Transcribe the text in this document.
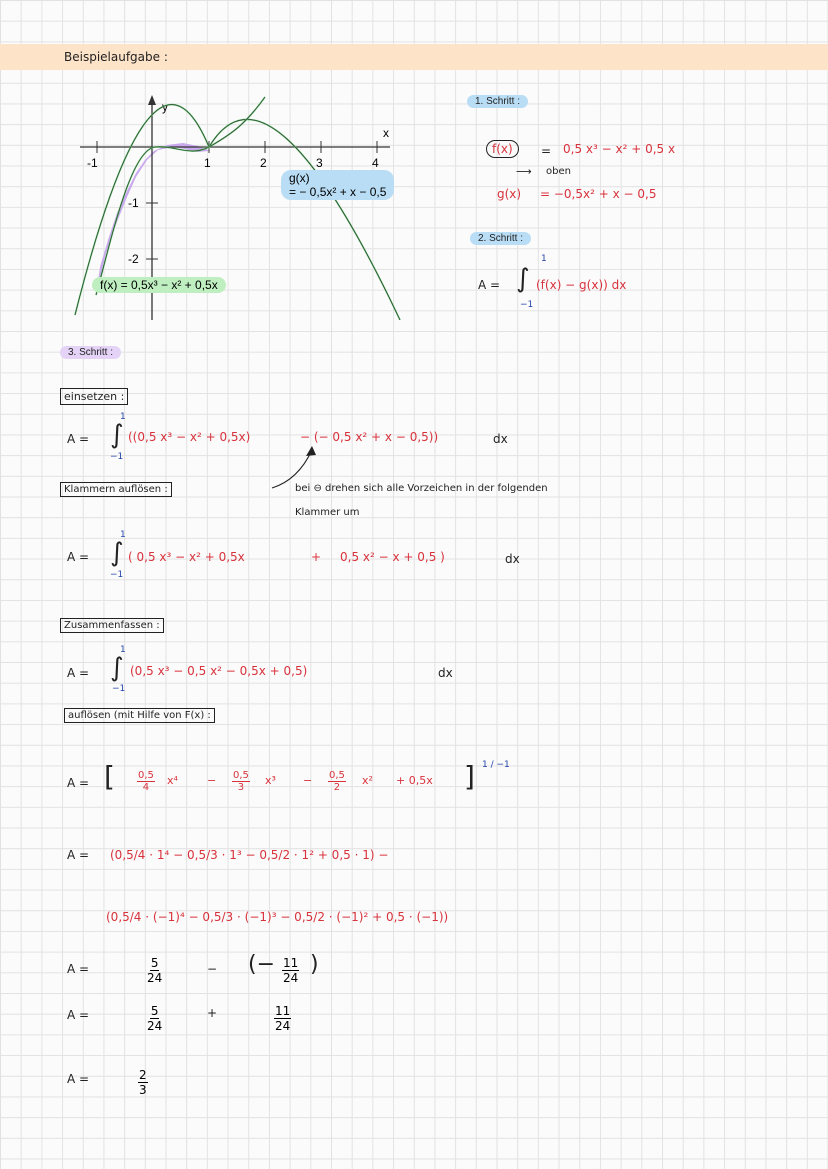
Beispielaufgabe :
y
x
-1	1	2	3	4
-1
-2
g(x)
= − 0,5x² + x − 0,5
f(x) = 0,5x³ − x² + 0,5x
1. Schritt :
f(x)	= 0,5 x³ − x² + 0,5 x
⟶ oben
g(x) = −0,5x² + x − 0,5
2. Schritt :
A =
1
∫
−1
(f(x) − g(x)) dx
3. Schritt :
einsetzen :
A =
1
∫
−1
((0,5 x³ − x² + 0,5x)	− (− 0,5 x² + x − 0,5))	dx
Klammern auflösen :	bei ⊖ drehen sich alle Vorzeichen in der folgenden
Klammer um
A =
1
∫
−1
( 0,5 x³ − x² + 0,5x	+ 0,5 x² − x + 0,5 )	dx
Zusammenfassen :
A =
1
∫
−1
(0,5 x³ − 0,5 x² − 0,5x + 0,5)	dx
auflösen (mit Hilfe von F(x) :
A = [ $\frac{0,5}{4} x^4$	− $\frac{0,5}{3} x^3 - \frac{0,5}{2} x^2 + 0,5x$ ] 1 / −1
A = (0,5/4 · 1⁴ − 0,5/3 · 1³ − 0,5/2 · 1² + 0,5 · 1) −
(0,5/4 · (−1)⁴ − 0,5/3 · (−1)³ − 0,5/2 · (−1)² + 0,5 · (−1))
A =	$\frac{5}{24}$	− (− $\frac{11}{24}$ )
A =	$\frac{5}{24}$	+	$\frac{11}{24}$
A =	$\frac{2}{3}$
